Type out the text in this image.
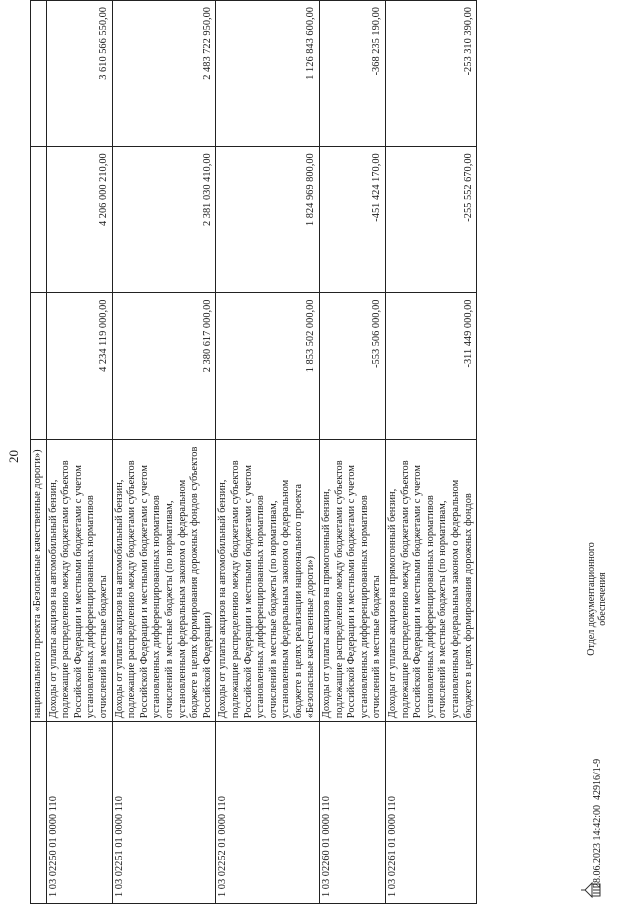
20
	национального проекта «Безопасные качественные дороги»)			
1 03 02250 01 0000 110	Доходы от уплаты акцизов на автомобильный бензин, подлежащие распределению между бюджетами субъектов Российской Федерации и местными бюджетами с учетом установленных дифференцированных нормативов отчислений в местные бюджеты	4 234 119 000,00	4 206 000 210,00	3 610 566 550,00
1 03 02251 01 0000 110	Доходы от уплаты акцизов на автомобильный бензин, подлежащие распределению между бюджетами субъектов Российской Федерации и местными бюджетами с учетом установленных дифференцированных нормативов отчислений в местные бюджеты (по нормативам, установленным федеральным законом о федеральном бюджете в целях формирования дорожных фондов субъектов Российской Федерации)	2 380 617 000,00	2 381 030 410,00	2 483 722 950,00
1 03 02252 01 0000 110	Доходы от уплаты акцизов на автомобильный бензин, подлежащие распределению между бюджетами субъектов Российской Федерации и местными бюджетами с учетом установленных дифференцированных нормативов отчислений в местные бюджеты (по нормативам, установленным федеральным законом о федеральном бюджете в целях реализации национального проекта «Безопасные качественные дороги»)	1 853 502 000,00	1 824 969 800,00	1 126 843 600,00
1 03 02260 01 0000 110	Доходы от уплаты акцизов на прямогонный бензин, подлежащие распределению между бюджетами субъектов Российской Федерации и местными бюджетами с учетом установленных дифференцированных нормативов отчислений в местные бюджеты	-553 506 000,00	-451 424 170,00	-368 235 190,00
1 03 02261 01 0000 110	Доходы от уплаты акцизов на прямогонный бензин, подлежащие распределению между бюджетами субъектов Российской Федерации и местными бюджетами с учетом установленных дифференцированных нормативов отчислений в местные бюджеты (по нормативам, установленным федеральным законом о федеральном бюджете в целях формирования дорожных фондов	-311 449 000,00	-255 552 670,00	-253 310 390,00
28.06.2023 14:42:00
42916/1-9
Отдел документационного обеспечения
